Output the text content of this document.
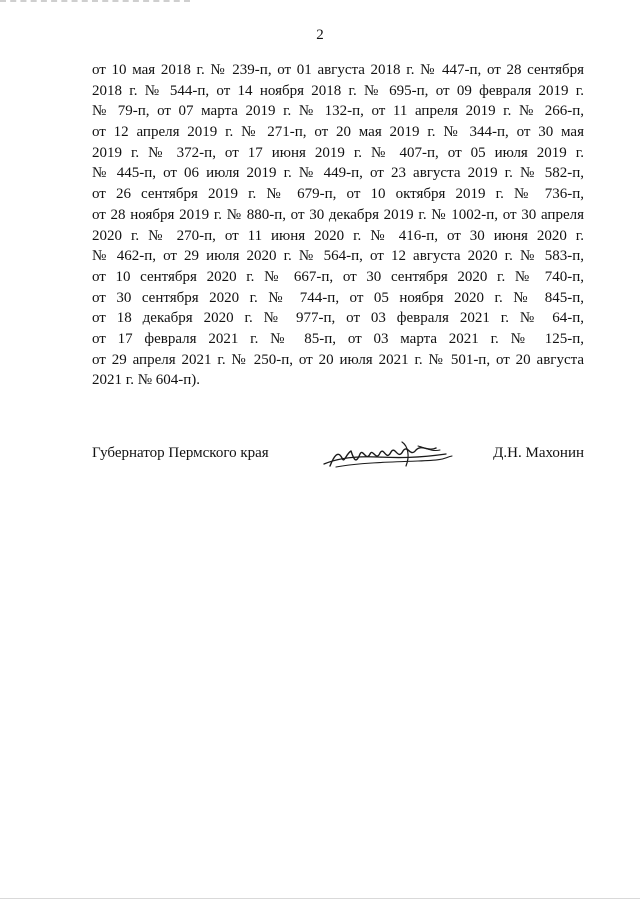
2
от 10 мая 2018 г. № 239-п, от 01 августа 2018 г. № 447-п, от 28 сентября
2018 г. № 544-п, от 14 ноября 2018 г. № 695-п, от 09 февраля 2019 г.
№ 79-п, от 07 марта 2019 г. № 132-п, от 11 апреля 2019 г. № 266-п,
от 12 апреля 2019 г. № 271-п, от 20 мая 2019 г. № 344-п, от 30 мая
2019 г. № 372-п, от 17 июня 2019 г. № 407-п, от 05 июля 2019 г.
№ 445-п, от 06 июля 2019 г. № 449-п, от 23 августа 2019 г. № 582-п,
от 26 сентября 2019 г. № 679-п, от 10 октября 2019 г. № 736-п,
от 28 ноября 2019 г. № 880-п, от 30 декабря 2019 г. № 1002-п, от 30 апреля
2020 г. № 270-п, от 11 июня 2020 г. № 416-п, от 30 июня 2020 г.
№ 462-п, от 29 июля 2020 г. № 564-п, от 12 августа 2020 г. № 583-п,
от 10 сентября 2020 г. № 667-п, от 30 сентября 2020 г. № 740-п,
от 30 сентября 2020 г. № 744-п, от 05 ноября 2020 г. № 845-п,
от 18 декабря 2020 г. № 977-п, от 03 февраля 2021 г. № 64-п,
от 17 февраля 2021 г. № 85-п, от 03 марта 2021 г. № 125-п,
от 29 апреля 2021 г. № 250-п, от 20 июля 2021 г. № 501-п, от 20 августа
2021 г. № 604-п).
Губернатор Пермского края	Д.Н. Махонин
